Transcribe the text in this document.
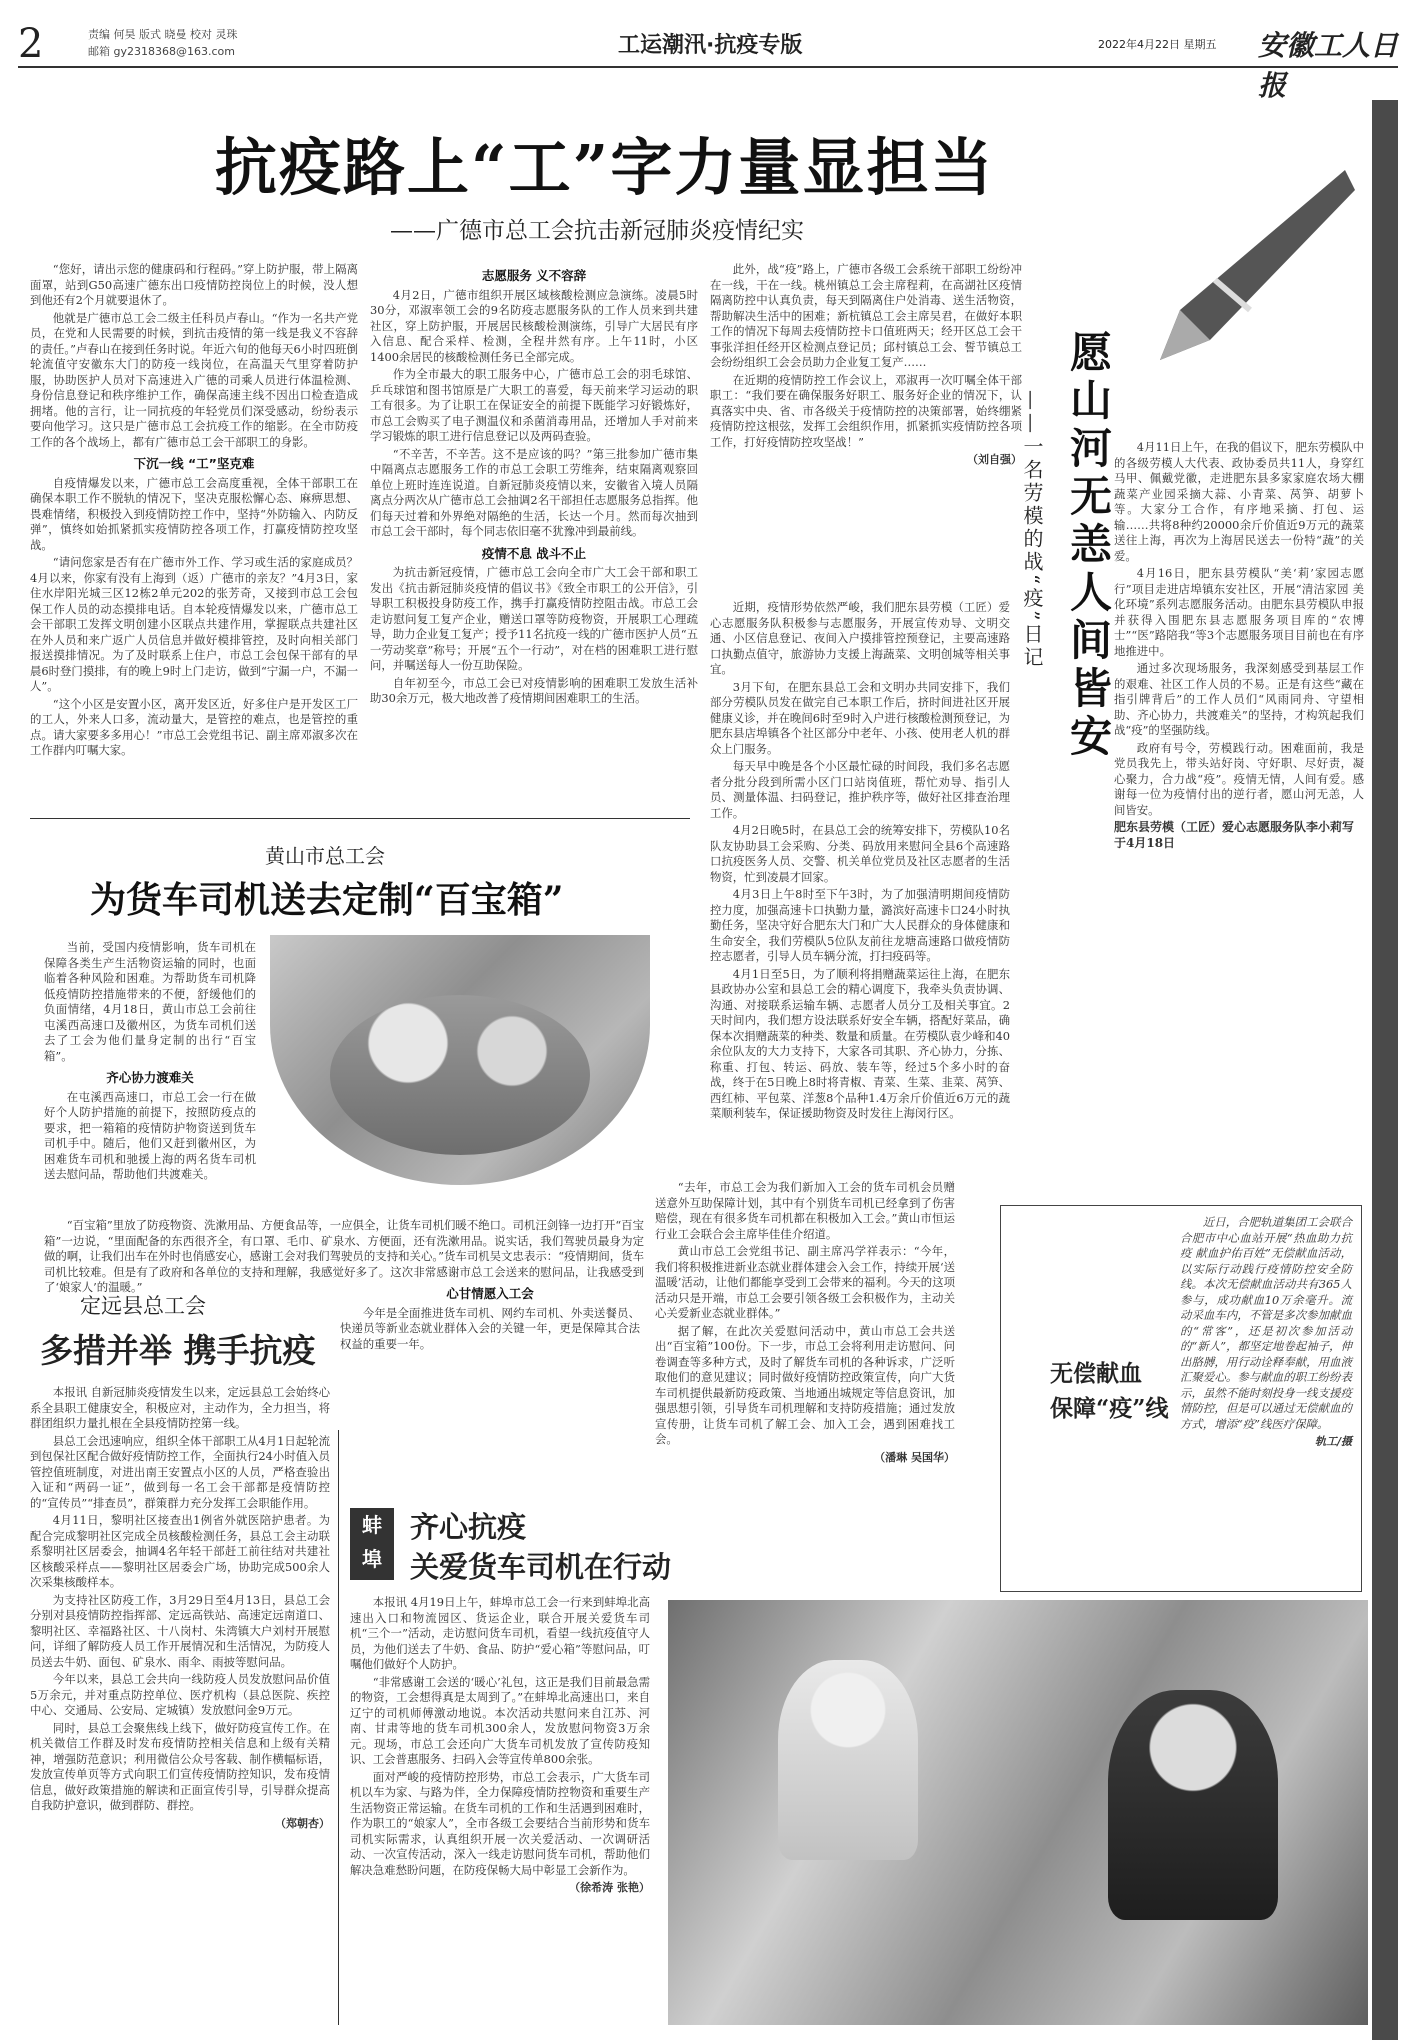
2	责编 何昊 版式 晓曼 校对 灵珠
邮箱 gy2318368@163.com	工运潮汛·抗疫专版	2022年4月22日 星期五 安徽工人日报
抗疫路上“工”字力量显担当
——广德市总工会抗击新冠肺炎疫情纪实

“您好，请出示您的健康码和行程码。”穿上防护服，带上隔离面罩，站到G50高速广德东出口疫情防控岗位上的时候，没人想到他还有2个月就要退休了。

他就是广德市总工会二级主任科员卢春山。“作为一名共产党员，在党和人民需要的时候，到抗击疫情的第一线是我义不容辞的责任。”卢春山在接到任务时说。年近六旬的他每天6小时四班倒轮流值守安徽东大门的防疫一线岗位，在高温天气里穿着防护服，协助医护人员对下高速进入广德的司乘人员进行体温检测、身份信息登记和秩序维护工作，确保高速主线不因出口检查造成拥堵。他的言行，让一同抗疫的年轻党员们深受感动，纷纷表示要向他学习。这只是广德市总工会抗疫工作的缩影。在全市防疫工作的各个战场上，都有广德市总工会干部职工的身影。

下沉一线 “工”坚克难

自疫情爆发以来，广德市总工会高度重视，全体干部职工在确保本职工作不脱轨的情况下，坚决克服松懈心态、麻痹思想、畏难情绪，积极投入到疫情防控工作中，坚持“外防输入、内防反弹”，慎终如始抓紧抓实疫情防控各项工作，打赢疫情防控攻坚战。

“请问您家是否有在广德市外工作、学习或生活的家庭成员？4月以来，你家有没有上海到（返）广德市的亲友？”4月3日，家住水岸阳光城三区12栋2单元202的张芳奇，又接到市总工会包保工作人员的动态摸排电话。自本轮疫情爆发以来，广德市总工会干部职工发挥文明创建小区联点共建作用，掌握联点共建社区在外人员和来广返广人员信息并做好模排管控，及时向相关部门报送摸排情况。为了及时联系上住户，市总工会包保干部有的早晨6时登门摸排，有的晚上9时上门走访，做到“宁漏一户，不漏一人”。

“这个小区是安置小区，离开发区近，好多住户是开发区工厂的工人，外来人口多，流动量大，是管控的难点，也是管控的重点。请大家要多多用心！”市总工会党组书记、副主席邓淑多次在工作群内叮嘱大家。

志愿服务 义不容辞

4月2日，广德市组织开展区域核酸检测应急演练。凌晨5时30分，邓淑率领工会的9名防疫志愿服务队的工作人员来到共建社区，穿上防护服，开展居民核酸检测演练，引导广大居民有序入信息、配合采样、检测，全程井然有序。上午11时，小区1400余居民的核酸检测任务已全部完成。

作为全市最大的职工服务中心，广德市总工会的羽毛球馆、乒乓球馆和图书馆原是广大职工的喜爱，每天前来学习运动的职工有很多。为了让职工在保证安全的前提下既能学习好锻炼好，市总工会购买了电子测温仪和杀菌消毒用品，还增加人手对前来学习锻炼的职工进行信息登记以及两码查验。

“不辛苦，不辛苦。这不是应该的吗？”第三批参加广德市集中隔离点志愿服务工作的市总工会职工劳维奔，结束隔离观察回单位上班时连连说道。自新冠肺炎疫情以来，安徽省入境人员隔离点分两次从广德市总工会抽调2名干部担任志愿服务总指挥。他们每天过着和外界绝对隔绝的生活，长达一个月。然而每次抽到市总工会干部时，每个同志依旧毫不犹豫冲到最前线。

疫情不息 战斗不止

为抗击新冠疫情，广德市总工会向全市广大工会干部和职工发出《抗击新冠肺炎疫情的倡议书》《致全市职工的公开信》，引导职工积极投身防疫工作，携手打赢疫情防控阻击战。市总工会走访慰问复工复产企业，赠送口罩等防疫物资，开展职工心理疏导，助力企业复工复产；授予11名抗疫一线的广德市医护人员“五一劳动奖章”称号；开展“五个一行动”，对在档的困难职工进行慰问，并嘱送每人一份互助保险。

自年初至今，市总工会已对疫情影响的困难职工发放生活补助30余万元，极大地改善了疫情期间困难职工的生活。

此外，战“疫”路上，广德市各级工会系统干部职工纷纷冲在一线，干在一线。桃州镇总工会主席程莉，在高湖社区疫情隔离防控中认真负责，每天到隔离住户处消毒、送生活物资，帮助解决生活中的困难；新杭镇总工会主席吴君，在做好本职工作的情况下每周去疫情防控卡口值班两天；经开区总工会干事张洋担任经开区检测点登记员；邱村镇总工会、誓节镇总工会纷纷组织工会会员助力企业复工复产……

在近期的疫情防控工作会议上，邓淑再一次叮嘱全体干部职工：“我们要在确保服务好职工、服务好企业的情况下，认真落实中央、省、市各级关于疫情防控的决策部署，始终绷紧疫情防控这根弦，发挥工会组织作用，抓紧抓实疫情防控各项工作，打好疫情防控攻坚战！”

（刘自强） 愿山河无恙人间皆安
——一名劳模的战“疫”日记

近期，疫情形势依然严峻，我们肥东县劳模（工匠）爱心志愿服务队积极参与志愿服务，开展宣传劝导、文明交通、小区信息登记、夜间入户摸排管控预登记，主要高速路口执勤点值守，旅游协力支援上海蔬菜、文明创城等相关事宜。

3月下旬，在肥东县总工会和文明办共同安排下，我们部分劳模队员发在做完自己本职工作后，挤时间进社区开展健康义诊，并在晚间6时至9时入户进行核酸检测预登记，为肥东县店埠镇各个社区部分中老年、小孩、使用老人机的群众上门服务。

每天早中晚是各个小区最忙碌的时间段，我们多名志愿者分批分段到所需小区门口站岗值班，帮忙劝导、指引人员、测量体温、扫码登记，推护秩序等，做好社区排查治理工作。

4月2日晚5时，在县总工会的统筹安排下，劳模队10名队友协助县工会采购、分类、码放用来慰问全县6个高速路口抗疫医务人员、交警、机关单位党员及社区志愿者的生活物资，忙到凌晨才回家。

4月3日上午8时至下午3时，为了加强清明期间疫情防控力度，加强高速卡口执勤力量，潞滨好高速卡口24小时执勤任务，坚决守好合肥东大门和广大人民群众的身体健康和生命安全，我们劳模队5位队友前往龙塘高速路口做疫情防控志愿者，引导人员车辆分流，打扫疫码等。

4月1日至5日，为了顺利将捐赠蔬菜运往上海，在肥东县政协办公室和县总工会的精心调度下，我牵头负责协调、沟通、对接联系运输车辆、志愿者人员分工及相关事宜。2天时间内，我们想方设法联系好安全车辆，搭配好菜品，确保本次捐赠蔬菜的种类、数量和质量。在劳模队袁少峰和40余位队友的大力支持下，大家各司其职、齐心协力，分拣、称重、打包、转运、码放、装车等，经过5个多小时的奋战，终于在5日晚上8时将青椒、青菜、生菜、韭菜、莴笋、西红柿、平包菜、洋葱8个品种1.4万余斤价值近6万元的蔬菜顺利装车，保证援助物资及时发往上海闵行区。

4月11日上午，在我的倡议下，肥东劳模队中的各级劳模人大代表、政协委员共11人，身穿红马甲、佩戴党徽，走进肥东县多家家庭农场大棚蔬菜产业园采摘大蒜、小青菜、莴笋、胡萝卜等。大家分工合作，有序地采摘、打包、运输……共将8种约20000余斤价值近9万元的蔬菜送往上海，再次为上海居民送去一份特“蔬”的关爱。

4月16日，肥东县劳模队“美‘莉’家园志愿行”项目走进店埠镇东安社区，开展“清洁家园 美化环境”系列志愿服务活动。由肥东县劳模队申报并获得入围肥东县志愿服务项目库的“农博士”“医”路陪我“等3个志愿服务项目目前也在有序地推进中。

通过多次现场服务，我深刻感受到基层工作的艰难、社区工作人员的不易。正是有这些“藏在指引牌背后”的工作人员们“风雨同舟、守望相助、齐心协力，共渡难关”的坚持，才构筑起我们战“疫”的坚强防线。

政府有号令，劳模践行动。困难面前，我是党员我先上，带头站好岗、守好职、尽好责，凝心聚力，合力战“疫”。疫情无情，人间有爱。感谢每一位为疫情付出的逆行者，愿山河无恙，人间皆安。

肥东县劳模（工匠）爱心志愿服务队李小莉写于4月18日
黄山市总工会
为货车司机送去定制“百宝箱”

当前，受国内疫情影响，货车司机在保障各类生产生活物资运输的同时，也面临着各种风险和困难。为帮助货车司机降低疫情防控措施带来的不便，舒缓他们的负面情绪，4月18日，黄山市总工会前往屯溪西高速口及徽州区，为货车司机们送去了工会为他们量身定制的出行“百宝箱”。

齐心协力渡难关

在屯溪西高速口，市总工会一行在做好个人防护措施的前提下，按照防疫点的要求，把一箱箱的疫情防护物资送到货车司机手中。随后，他们又赶到徽州区，为困难货车司机和驰援上海的两名货车司机送去慰问品，帮助他们共渡难关。

“百宝箱”里放了防疫物资、洗漱用品、方便食品等，一应俱全，让货车司机们暖不绝口。司机汪剑锋一边打开“百宝箱”一边说，“里面配备的东西很齐全，有口罩、毛巾、矿泉水、方便面，还有洗漱用品。说实话，我们驾驶员最身为定做的啊，让我们出车在外时也俏感安心，感谢工会对我们驾驶员的支持和关心。”货车司机吴文忠表示：“疫情期间，货车司机比较难。但是有了政府和各单位的支持和理解，我感觉好多了。这次非常感谢市总工会送来的慰问品，让我感受到了‘娘家人’的温暖。”	心甘情愿入工会

今年是全面推进货车司机、网约车司机、外卖送餐员、快递员等新业态就业群体入会的关键一年，更是保障其合法权益的重要一年。

“去年，市总工会为我们新加入工会的货车司机会员赠送意外互助保障计划，其中有个别货车司机已经拿到了伤害赔偿，现在有很多货车司机都在积极加入工会。”黄山市恒运行业工会联合会主席毕佳佳介绍道。

黄山市总工会党组书记、副主席冯学祥表示：“今年，我们将积极推进新业态就业群体建会入会工作，持续开展‘送温暖’活动，让他们都能享受到工会带来的福利。今天的这项活动只是开端，市总工会要引领各级工会积极作为，主动关心关爱新业态就业群体。”

据了解，在此次关爱慰问活动中，黄山市总工会共送出“百宝箱”100份。下一步，市总工会将利用走访慰问、问卷调查等多种方式，及时了解货车司机的各种诉求，广泛听取他们的意见建议；同时做好疫情防控政策宣传，向广大货车司机提供最新防疫政策、当地通出城规定等信息资讯，加强思想引领，引导货车司机理解和支持防疫措施；通过发放宣传册，让货车司机了解工会、加入工会，遇到困难找工会。

（潘琳 吴国华）
无偿献血
保障“疫”线

近日，合肥轨道集团工会联合合肥市中心血站开展“热血助力抗疫 献血护佑百姓”无偿献血活动，以实际行动践行疫情防控安全防线。本次无偿献血活动共有365人参与，成功献血10万余毫升。流动采血车内，不管是多次参加献血的“常客”，还是初次参加活动的“新人”，都坚定地卷起袖子，伸出胳膊，用行动诠释奉献，用血液汇聚爱心。参与献血的职工纷纷表示，虽然不能时刻投身一线支援疫情防控，但是可以通过无偿献血的方式，增添“疫”线医疗保障。

轨工/摄
定远县总工会
多措并举 携手抗疫

本报讯 自新冠肺炎疫情发生以来，定远县总工会始终心系全县职工健康安全，积极应对，主动作为，全力担当，将群团组织力量扎根在全县疫情防控第一线。

县总工会迅速响应，组织全体干部职工从4月1日起轮流到包保社区配合做好疫情防控工作，全面执行24小时值入员管控值班制度，对进出南王安置点小区的人员，严格查验出入证和“两码一证”，做到每一名工会干部都是疫情防控的“宣传员”“排查员”，群策群力充分发挥工会职能作用。

4月11日，黎明社区接查出1例省外就医陪护患者。为配合完成黎明社区完成全员核酸检测任务，县总工会主动联系黎明社区居委会，抽调4名年轻干部赶工前往结对共建社区核酸采样点——黎明社区居委会广场，协助完成500余人次采集核酸样本。

为支持社区防疫工作，3月29日至4月13日，县总工会分别对县疫情防控指挥部、定远高铁站、高速定远南道口、黎明社区、幸福路社区、十八岗村、朱湾镇大户刘村开展慰问，详细了解防疫人员工作开展情况和生活情况，为防疫人员送去牛奶、面包、矿泉水、雨伞、雨披等慰问品。

今年以来，县总工会共向一线防疫人员发放慰问品价值5万余元，并对重点防控单位、医疗机构（县总医院、疾控中心、交通局、公安局、定城镇）发放慰问金9万元。

同时，县总工会聚焦线上线下，做好防疫宣传工作。在机关微信工作群及时发布疫情防控相关信息和上级有关精神，增强防范意识；利用微信公众号客载、制作横幅标语，发放宣传单页等方式向职工们宣传疫情防控知识，发布疫情信息，做好政策措施的解读和正面宣传引导，引导群众提高自我防护意识，做到群防、群控。

（郑朝杏）
蚌埠
齐心抗疫
关爱货车司机在行动

本报讯 4月19日上午，蚌埠市总工会一行来到蚌埠北高速出入口和物流园区、货运企业，联合开展关爱货车司机“三个一”活动，走访慰问货车司机，看望一线抗疫值守人员，为他们送去了牛奶、食品、防护“爱心箱”等慰问品，叮嘱他们做好个人防护。

“非常感谢工会送的‘暖心’礼包，这正是我们目前最急需的物资，工会想得真是太周到了。”在蚌埠北高速出口，来自辽宁的司机师傅激动地说。本次活动共慰问来自江苏、河南、甘肃等地的货车司机300余人，发放慰问物资3万余元。现场，市总工会还向广大货车司机发放了宣传防疫知识、工会普惠服务、扫码入会等宣传单800余张。

面对严峻的疫情防控形势，市总工会表示，广大货车司机以车为家、与路为伴，全力保障疫情防控物资和重要生产生活物资正常运输。在货车司机的工作和生活遇到困难时，作为职工的“娘家人”，全市各级工会要结合当前形势和货车司机实际需求，认真组织开展一次关爱活动、一次调研活动、一次宣传活动，深入一线走访慰问货车司机，帮助他们解决急难愁盼问题，在防疫保畅大局中彰显工会新作为。

（徐希涛 张艳）
